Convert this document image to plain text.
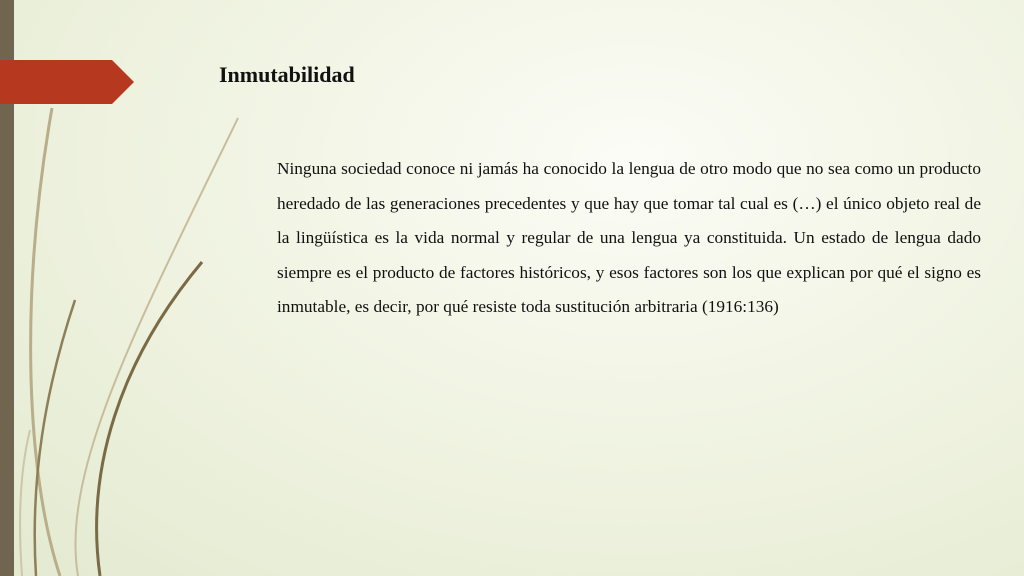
Inmutabilidad

Ninguna sociedad conoce ni jamás ha conocido la lengua de otro modo que no sea como un producto heredado de las generaciones precedentes y que hay que tomar tal cual es (…) el único objeto real de la lingüística es la vida normal y regular de una lengua ya constituida. Un estado de lengua dado siempre es el producto de factores históricos, y esos factores son los que explican por qué el signo es inmutable, es decir, por qué resiste toda sustitución arbitraria (1916:136)
